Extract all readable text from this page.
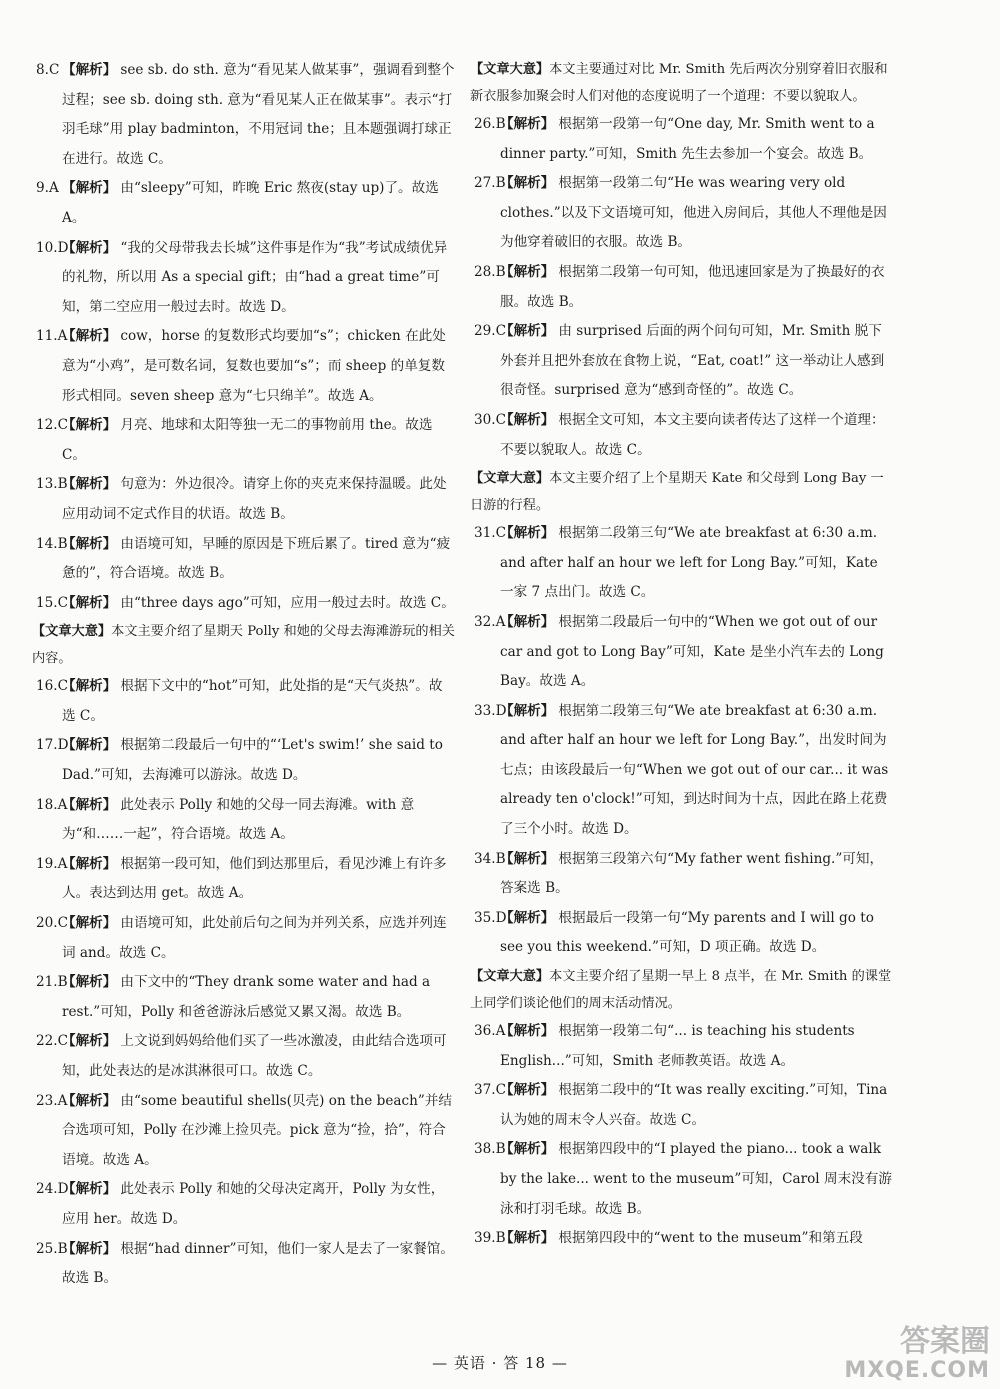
8.C 【解析】 see sb. do sth. 意为“看见某人做某事”，强调看到整个过程；see sb. doing sth. 意为“看见某人正在做某事”。表示“打羽毛球”用 play badminton，不用冠词 the；且本题强调打球正在进行。故选 C。
9.A 【解析】 由“sleepy”可知，昨晚 Eric 熬夜(stay up)了。故选 A。
10.D
【解析】 “我的父母带我去长城”这件事是作为“我”考试成绩优异的礼物，所以用 As a special gift；由“had a great time”可知，第二空应用一般过去时。故选 D。
11.A
【解析】 cow，horse 的复数形式均要加“s”；chicken 在此处意为“小鸡”，是可数名词，复数也要加“s”；而 sheep 的单复数形式相同。seven sheep 意为“七只绵羊”。故选 A。
12.C
【解析】 月亮、地球和太阳等独一无二的事物前用 the。故选 C。
13.B
【解析】 句意为：外边很冷。请穿上你的夹克来保持温暖。此处应用动词不定式作目的状语。故选 B。
14.B
【解析】 由语境可知，早睡的原因是下班后累了。tired 意为“疲惫的”，符合语境。故选 B。
15.C
【解析】 由“three days ago”可知，应用一般过去时。故选 C。
【文章大意】本文主要介绍了星期天 Polly 和她的父母去海滩游玩的相关内容。
16.C
【解析】 根据下文中的“hot”可知，此处指的是“天气炎热”。故选 C。
17.D
【解析】 根据第二段最后一句中的“‘Let's swim!’ she said to Dad.”可知，去海滩可以游泳。故选 D。
18.A
【解析】 此处表示 Polly 和她的父母一同去海滩。with 意为“和……一起”，符合语境。故选 A。
19.A
【解析】 根据第一段可知，他们到达那里后，看见沙滩上有许多人。表达到达用 get。故选 A。
20.C
【解析】 由语境可知，此处前后句之间为并列关系，应选并列连词 and。故选 C。
21.B
【解析】 由下文中的“They drank some water and had a rest.”可知，Polly 和爸爸游泳后感觉又累又渴。故选 B。
22.C
【解析】 上文说到妈妈给他们买了一些冰激凌，由此结合选项可知，此处表达的是冰淇淋很可口。故选 C。
23.A
【解析】 由“some beautiful shells(贝壳) on the beach”并结合选项可知，Polly 在沙滩上捡贝壳。pick 意为“捡，拾”，符合语境。故选 A。
24.D
【解析】 此处表示 Polly 和她的父母决定离开，Polly 为女性，应用 her。故选 D。
25.B
【解析】 根据“had dinner”可知，他们一家人是去了一家餐馆。故选 B。
【文章大意】本文主要通过对比 Mr. Smith 先后两次分别穿着旧衣服和新衣服参加聚会时人们对他的态度说明了一个道理：不要以貌取人。
26.B
【解析】 根据第一段第一句“One day, Mr. Smith went to a dinner party.”可知，Smith 先生去参加一个宴会。故选 B。
27.B
【解析】 根据第一段第二句“He was wearing very old clothes.”以及下文语境可知，他进入房间后，其他人不理他是因为他穿着破旧的衣服。故选 B。
28.B
【解析】 根据第二段第一句可知，他迅速回家是为了换最好的衣服。故选 B。
29.C
【解析】 由 surprised 后面的两个问句可知，Mr. Smith 脱下外套并且把外套放在食物上说，“Eat, coat!” 这一举动让人感到很奇怪。surprised 意为“感到奇怪的”。故选 C。
30.C
【解析】 根据全文可知，本文主要向读者传达了这样一个道理：不要以貌取人。故选 C。
【文章大意】本文主要介绍了上个星期天 Kate 和父母到 Long Bay 一日游的行程。
31.C
【解析】 根据第二段第三句“We ate breakfast at 6:30 a.m. and after half an hour we left for Long Bay.”可知，Kate 一家 7 点出门。故选 C。
32.A
【解析】 根据第二段最后一句中的“When we got out of our car and got to Long Bay”可知，Kate 是坐小汽车去的 Long Bay。故选 A。
33.D
【解析】 根据第二段第三句“We ate breakfast at 6:30 a.m. and after half an hour we left for Long Bay.”，出发时间为七点；由该段最后一句“When we got out of our car... it was already ten o'clock!”可知，到达时间为十点，因此在路上花费了三个小时。故选 D。
34.B
【解析】 根据第三段第六句“My father went fishing.”可知，答案选 B。
35.D
【解析】 根据最后一段第一句“My parents and I will go to see you this weekend.”可知，D 项正确。故选 D。
【文章大意】本文主要介绍了星期一早上 8 点半，在 Mr. Smith 的课堂上同学们谈论他们的周末活动情况。
36.A
【解析】 根据第一段第二句“... is teaching his students English...”可知，Smith 老师教英语。故选 A。
37.C
【解析】 根据第二段中的“It was really exciting.”可知，Tina 认为她的周末令人兴奋。故选 C。
38.B
【解析】 根据第四段中的“I played the piano... took a walk by the lake... went to the museum”可知，Carol 周末没有游泳和打羽毛球。故选 B。
39.B
【解析】 根据第四段中的“went to the museum”和第五段
— 英语 · 答 18 —
答案圈
MXQE.COM
